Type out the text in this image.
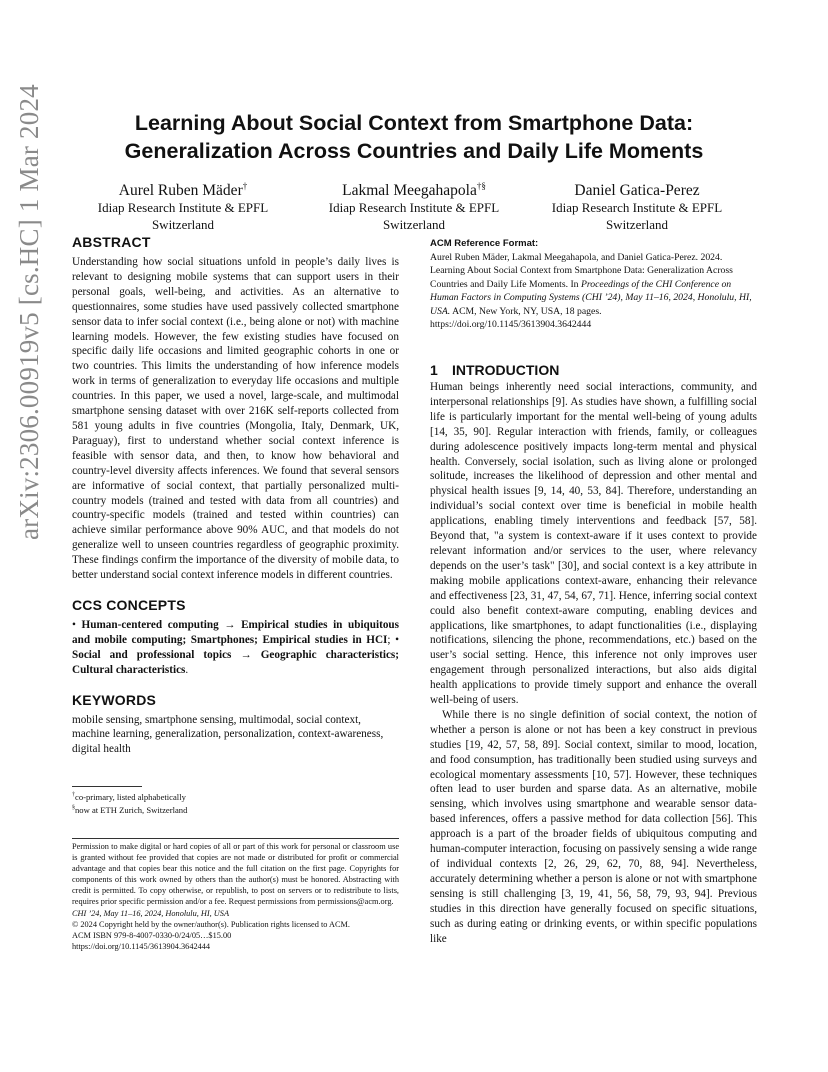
arXiv:2306.00919v5 [cs.HC] 1 Mar 2024	Learning About Social Context from Smartphone Data:
Generalization Across Countries and Daily Life Moments
Aurel Ruben Mäder†
Idiap Research Institute & EPFL
Switzerland
Lakmal Meegahapola†§
Idiap Research Institute & EPFL
Switzerland
Daniel Gatica-Perez
Idiap Research Institute & EPFL
Switzerland
ABSTRACT

Understanding how social situations unfold in people’s daily lives is relevant to designing mobile systems that can support users in their personal goals, well-being, and activities. As an alternative to questionnaires, some studies have used passively collected smartphone sensor data to infer social context (i.e., being alone or not) with machine learning models. However, the few existing studies have focused on specific daily life occasions and limited geographic cohorts in one or two countries. This limits the understanding of how inference models work in terms of generalization to everyday life occasions and multiple countries. In this paper, we used a novel, large-scale, and multimodal smartphone sensing dataset with over 216K self-reports collected from 581 young adults in five countries (Mongolia, Italy, Denmark, UK, Paraguay), first to understand whether social context inference is feasible with sensor data, and then, to know how behavioral and country-level diversity affects inferences. We found that several sensors are informative of social context, that partially personalized multi-country models (trained and tested with data from all countries) and country-specific models (trained and tested within countries) can achieve similar performance above 90% AUC, and that models do not generalize well to unseen countries regardless of geographic proximity. These findings confirm the importance of the diversity of mobile data, to better understand social context inference models in different countries.

CCS CONCEPTS

• Human-centered computing → Empirical studies in ubiquitous and mobile computing; Smartphones; Empirical studies in HCI; • Social and professional topics → Geographic characteristics; Cultural characteristics.

KEYWORDS

mobile sensing, smartphone sensing, multimodal, social context, machine learning, generalization, personalization, context-awareness, digital health

†co-primary, listed alphabetically
§now at ETH Zurich, Switzerland
Permission to make digital or hard copies of all or part of this work for personal or classroom use is granted without fee provided that copies are not made or distributed for profit or commercial advantage and that copies bear this notice and the full citation on the first page. Copyrights for components of this work owned by others than the author(s) must be honored. Abstracting with credit is permitted. To copy otherwise, or republish, to post on servers or to redistribute to lists, requires prior specific permission and/or a fee. Request permissions from permissions@acm.org.
CHI ’24, May 11–16, 2024, Honolulu, HI, USA
© 2024 Copyright held by the owner/author(s). Publication rights licensed to ACM.
ACM ISBN 979-8-4007-0330-0/24/05…$15.00
https://doi.org/10.1145/3613904.3642444
ACM Reference Format:

Aurel Ruben Mäder, Lakmal Meegahapola, and Daniel Gatica-Perez. 2024. Learning About Social Context from Smartphone Data: Generalization Across Countries and Daily Life Moments. In Proceedings of the CHI Conference on Human Factors in Computing Systems (CHI ’24), May 11–16, 2024, Honolulu, HI, USA. ACM, New York, NY, USA, 18 pages. https://doi.org/10.1145/3613904.3642444

1 INTRODUCTION

Human beings inherently need social interactions, community, and interpersonal relationships [9]. As studies have shown, a fulfilling social life is particularly important for the mental well-being of young adults [14, 35, 90]. Regular interaction with friends, family, or colleagues during adolescence positively impacts long-term mental and physical health. Conversely, social isolation, such as living alone or prolonged solitude, increases the likelihood of depression and other mental and physical health issues [9, 14, 40, 53, 84]. Therefore, understanding an individual’s social context over time is beneficial in mobile health applications, enabling timely interventions and feedback [57, 58]. Beyond that, "a system is context-aware if it uses context to provide relevant information and/or services to the user, where relevancy depends on the user’s task" [30], and social context is a key attribute in making mobile applications context-aware, enhancing their relevance and effectiveness [23, 31, 47, 54, 67, 71]. Hence, inferring social context could also benefit context-aware computing, enabling devices and applications, like smartphones, to adapt functionalities (i.e., displaying notifications, silencing the phone, recommendations, etc.) based on the user’s social setting. Hence, this inference not only improves user engagement through personalized interactions, but also aids digital health applications to provide timely support and enhance the overall well-being of users.

While there is no single definition of social context, the notion of whether a person is alone or not has been a key construct in previous studies [19, 42, 57, 58, 89]. Social context, similar to mood, location, and food consumption, has traditionally been studied using surveys and ecological momentary assessments [10, 57]. However, these techniques often lead to user burden and sparse data. As an alternative, mobile sensing, which involves using smartphone and wearable sensor data-based inferences, offers a passive method for data collection [56]. This approach is a part of the broader fields of ubiquitous computing and human-computer interaction, focusing on passively sensing a wide range of individual contexts [2, 26, 29, 62, 70, 88, 94]. Nevertheless, accurately determining whether a person is alone or not with smartphone sensing is still challenging [3, 19, 41, 56, 58, 79, 93, 94]. Previous studies in this direction have generally focused on specific situations, such as during eating or drinking events, or within specific populations like
